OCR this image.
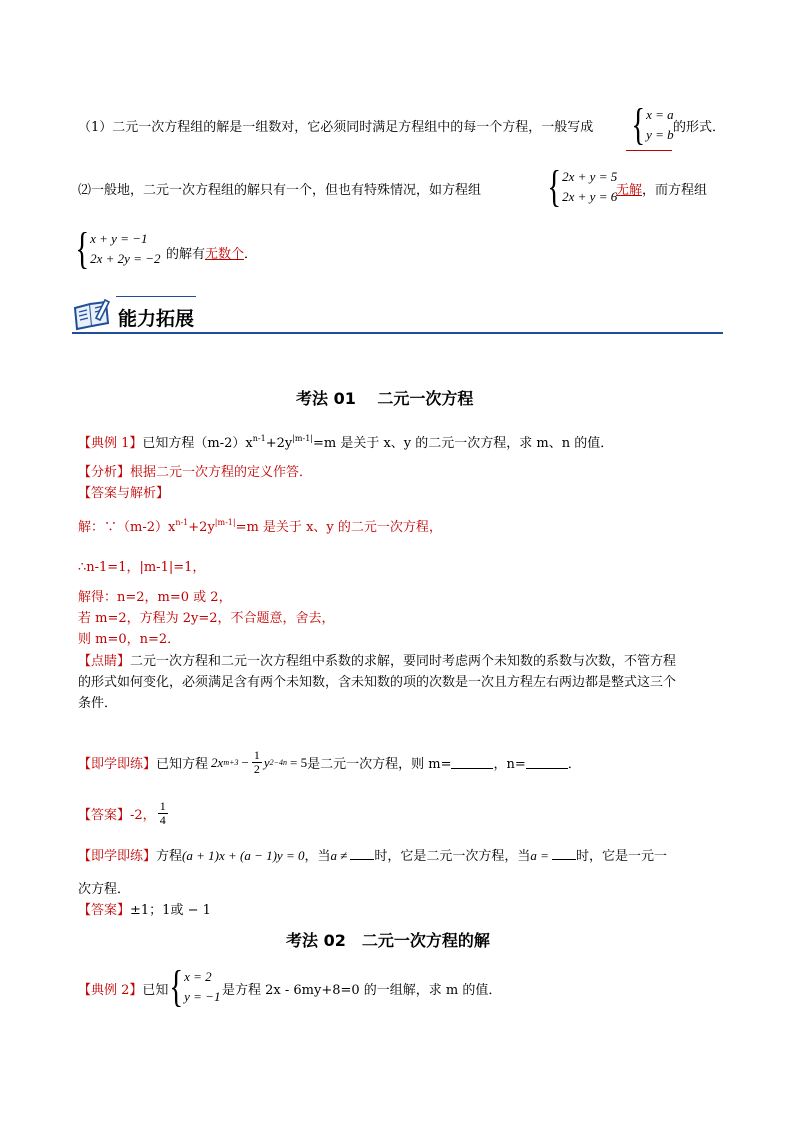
（1）二元一次方程组的解是一组数对，它必须同时满足方程组中的每一个方程，一般写成 { x = a
y = b 的形式．
⑵一般地，二元一次方程组的解只有一个，但也有特殊情况，如方程组 { 2x + y = 5
2x + y = 6
无解，而方程组
{ x + y = −1
2x + 2y = −2 的解有无数个．
能力拓展
考法 01　 二元一次方程
【典例 1】已知方程$(m-2)x^{n-1}+2y^{|m-1|}=m$ 是关于 x、y 的二元一次方程，求 m、n 的值．
【分析】根据二元一次方程的定义作答．
【答案与解析】
解：$\because(m-2)x^{n-1}+2y^{|m-1|}=m$ 是关于 x、y 的二元一次方程，
∴n-1=1，|m-1|=1，
解得：n=2，m=0 或 2，
若 m=2，方程为 2y=2，不合题意，舍去，
则 m=0，n=2．
【点睛】二元一次方程和二元一次方程组中系数的求解，要同时考虑两个未知数的系数与次数，不管方程
的形式如何变化，必须满足含有两个未知数，含未知数的项的次数是一次且方程左右两边都是整式这三个
条件．
【即学即练】 已知方程 2x $m+3 - \frac{1}{2}$ y 2−4n = 5 是二元一次方程，则 m=	，n=	．
【答案】 -2， $\frac{1}{4}$
【即学即练】方程(a + 1)x + (a − 1)y = 0，当a ≠ 时，它是二元一次方程，当a = 时，它是一元一
次方程．
【答案】±1；1或 − 1
考法 02　二元一次方程的解
【典例 2】已知 { x = 2
y = −1 是方程 2x - 6my+8=0 的一组解，求 m 的值．
